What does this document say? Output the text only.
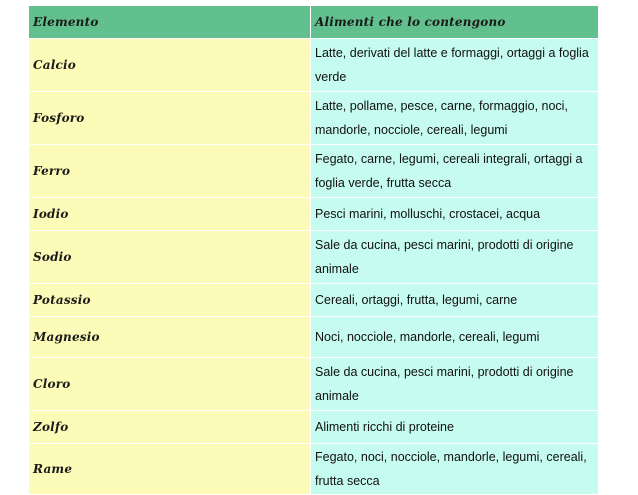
Elemento	Alimenti che lo contengono
Calcio	Latte, derivati del latte e formaggi, ortaggi a foglia verde
Fosforo	Latte, pollame, pesce, carne, formaggio, noci, mandorle, nocciole, cereali, legumi
Ferro	Fegato, carne, legumi, cereali integrali, ortaggi a foglia verde, frutta secca
Iodio	Pesci marini, molluschi, crostacei, acqua
Sodio	Sale da cucina, pesci marini, prodotti di origine animale
Potassio	Cereali, ortaggi, frutta, legumi, carne
Magnesio	Noci, nocciole, mandorle, cereali, legumi
Cloro	Sale da cucina, pesci marini, prodotti di origine animale
Zolfo	Alimenti ricchi di proteine
Rame	Fegato, noci, nocciole, mandorle, legumi, cereali, frutta secca
